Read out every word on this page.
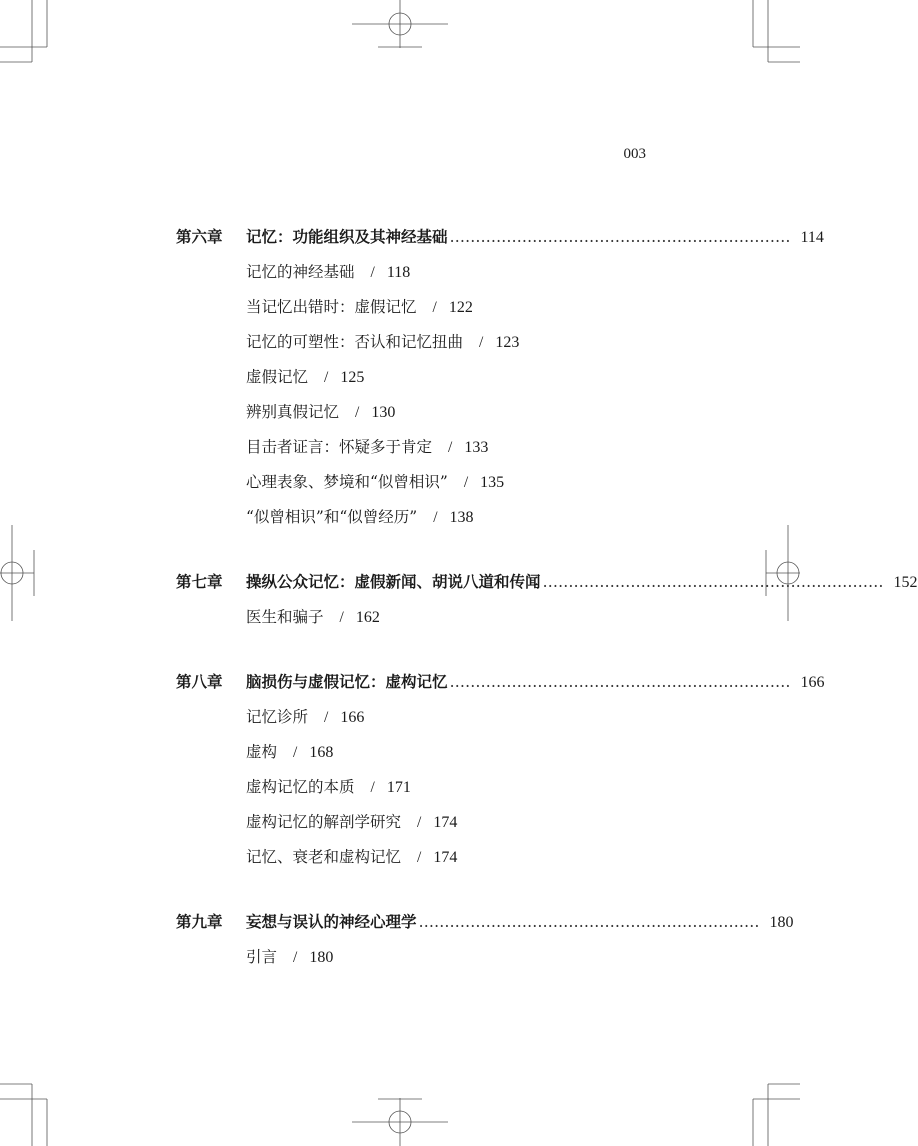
003
第六章	记忆：功能组织及其神经基础 ………………………………………………………… 114
记忆的神经基础 / 118
当记忆出错时：虚假记忆 / 122
记忆的可塑性：否认和记忆扭曲 / 123
虚假记忆 / 125
辨别真假记忆 / 130
目击者证言：怀疑多于肯定 / 133
心理表象、梦境和“似曾相识” / 135
“似曾相识”和“似曾经历” / 138
第七章	操纵公众记忆：虚假新闻、胡说八道和传闻 ………………………………………………………… 152
医生和骗子 / 162
第八章	脑损伤与虚假记忆：虚构记忆 ………………………………………………………… 166
记忆诊所 / 166
虚构 / 168
虚构记忆的本质 / 171
虚构记忆的解剖学研究 / 174
记忆、衰老和虚构记忆 / 174
第九章	妄想与误认的神经心理学 ………………………………………………………… 180
引言 / 180
